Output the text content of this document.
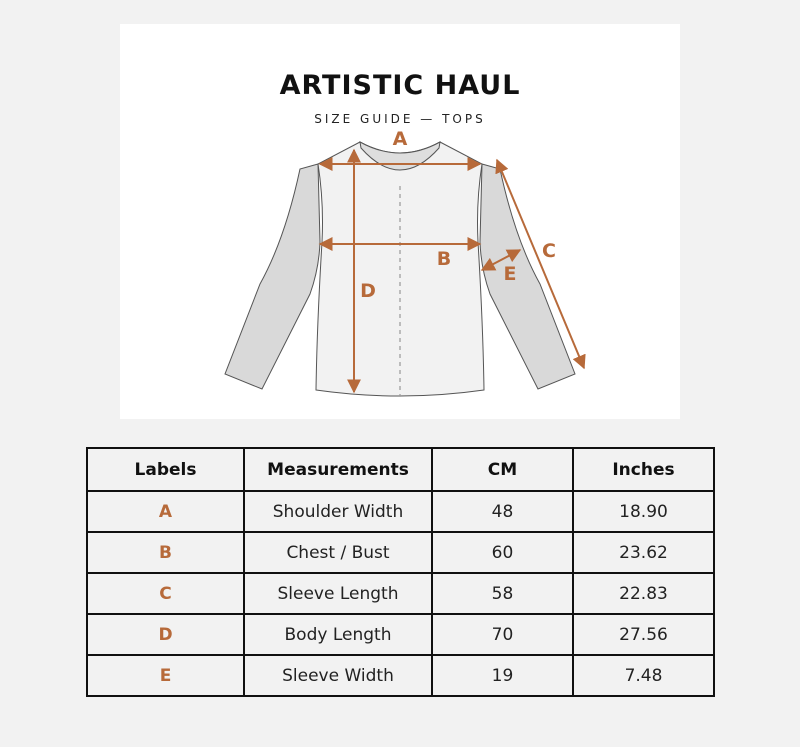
ARTISTIC HAUL
SIZE GUIDE — TOPS
A
B	C
D
E
Labels	Measurements	CM	Inches
A	Shoulder Width	48	18.90
B	Chest / Bust	60	23.62
C	Sleeve Length	58	22.83
D	Body Length	70	27.56
E	Sleeve Width	19	7.48
